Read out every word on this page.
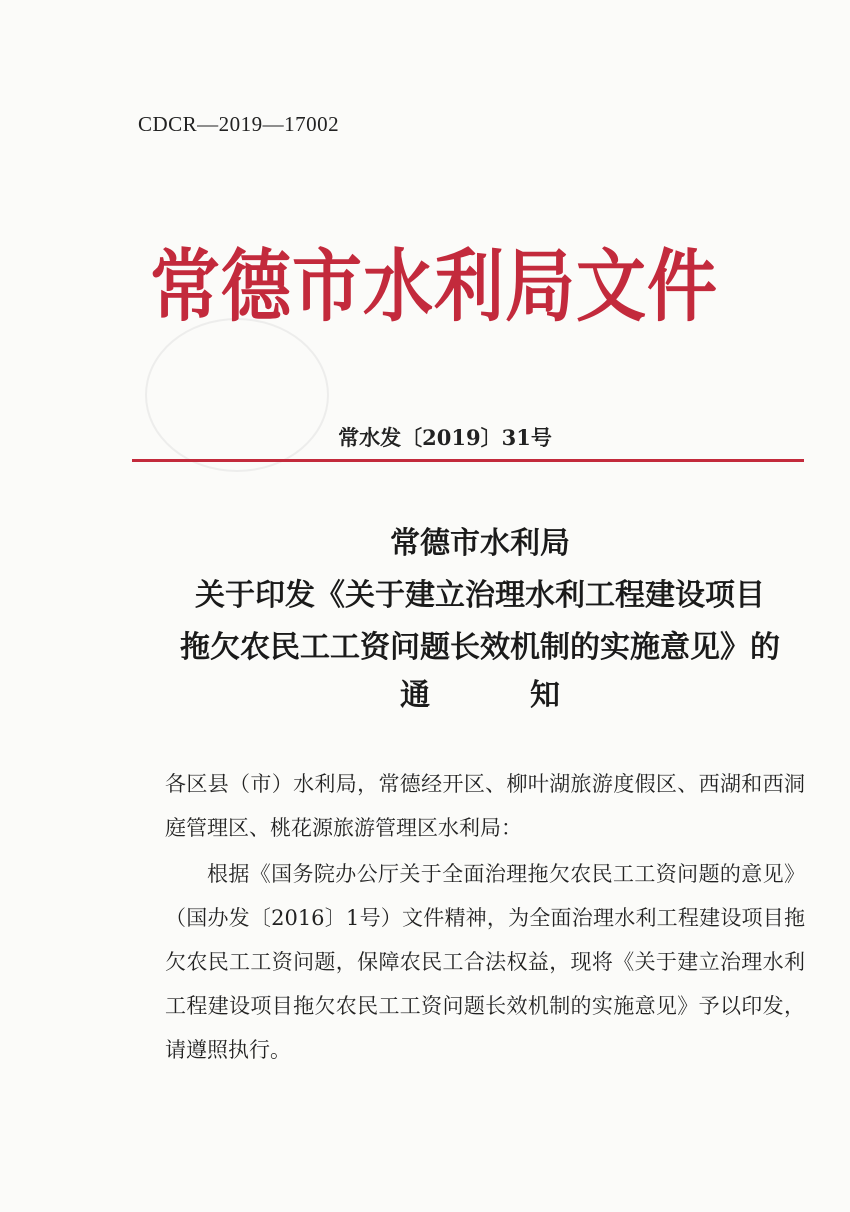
CDCR—2019—17002
常德市水利局文件
常水发〔2019〕31号
常德市水利局
关于印发《关于建立治理水利工程建设项目
拖欠农民工工资问题长效机制的实施意见》的
通知
各区县（市）水利局，常德经开区、柳叶湖旅游度假区、西湖和西洞庭管理区、桃花源旅游管理区水利局：
根据《国务院办公厅关于全面治理拖欠农民工工资问题的意见》（国办发〔2016〕1号）文件精神，为全面治理水利工程建设项目拖欠农民工工资问题，保障农民工合法权益，现将《关于建立治理水利工程建设项目拖欠农民工工资问题长效机制的实施意见》予以印发，请遵照执行。
